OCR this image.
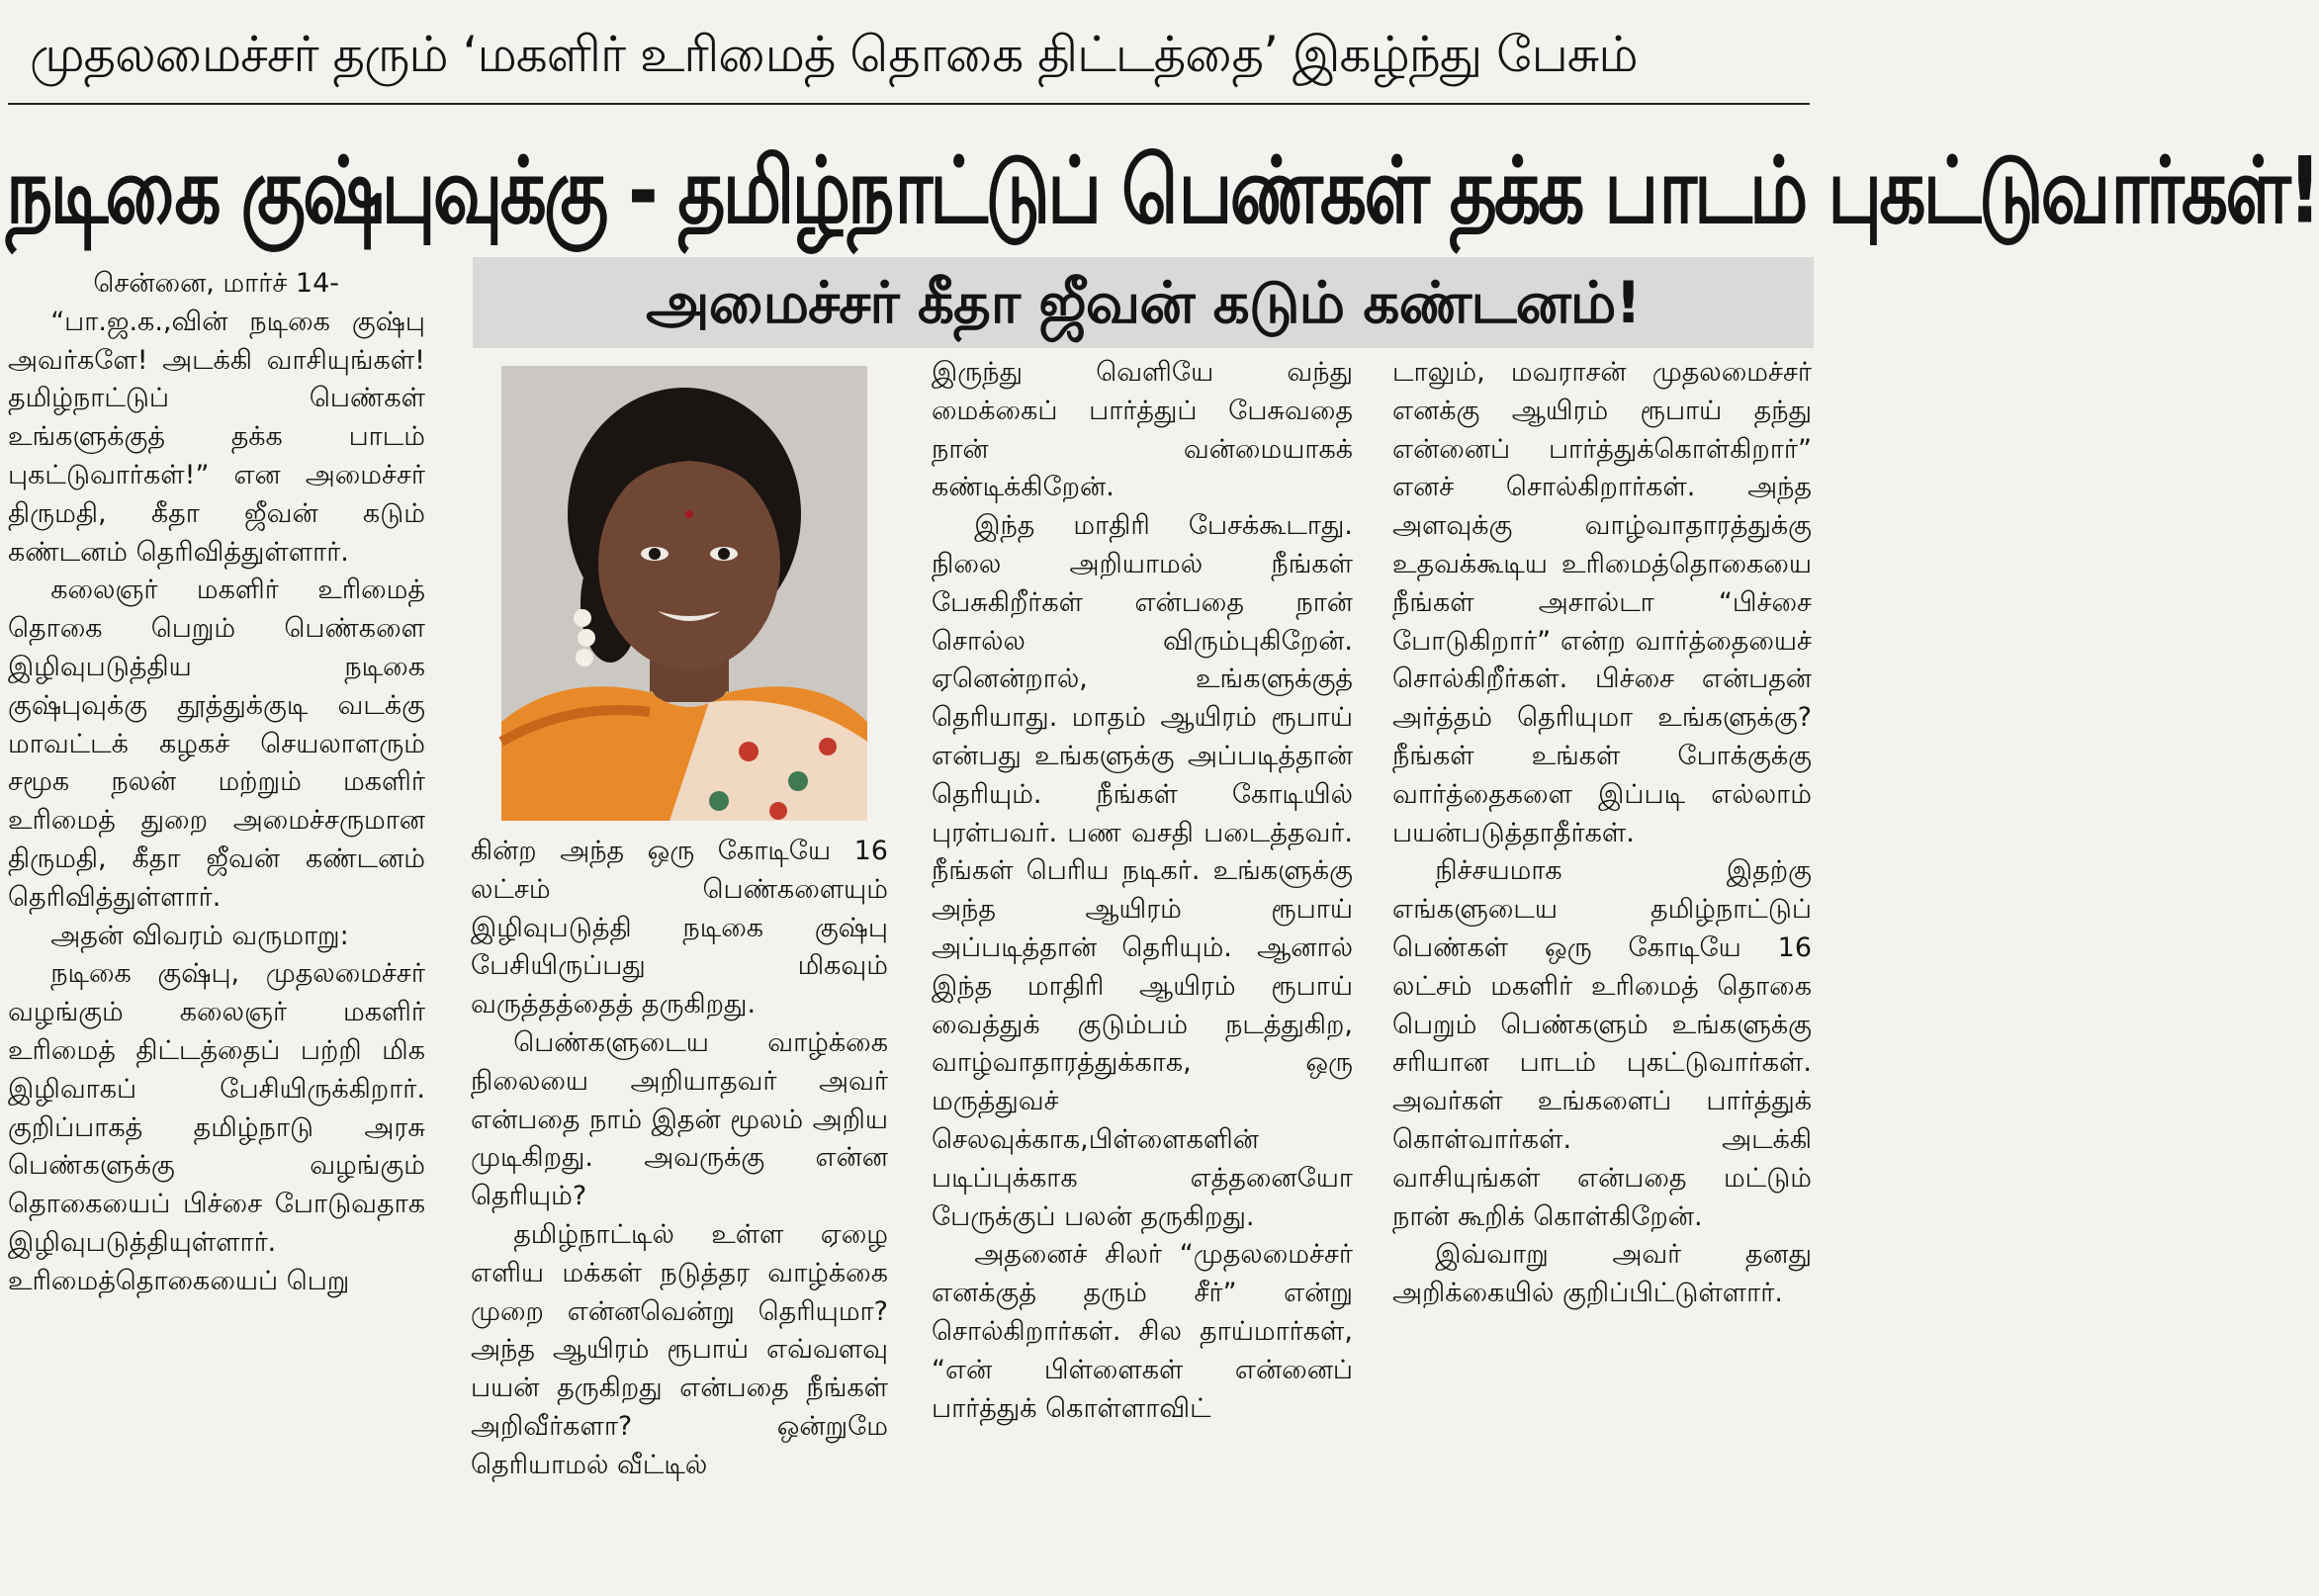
முதலமைச்சர் தரும் ‘மகளிர் உரிமைத் தொகை திட்டத்தை’ இகழ்ந்து பேசும்
நடிகை குஷ்புவுக்கு - தமிழ்நாட்டுப் பெண்கள் தக்க பாடம் புகட்டுவார்கள்!
அமைச்சர் கீதா ஜீவன் கடும் கண்டனம்!

சென்னை, மார்ச் 14-

“பா.ஜ.க.,வின் நடிகை குஷ்பு அவர்களே! அடக்கி வாசியுங்கள்! தமிழ்நாட்டுப் பெண்கள் உங்களுக்குத் தக்க பாடம் புகட்டுவார்கள்!” என அமைச்சர் திருமதி, கீதா ஜீவன் கடும் கண்டனம் தெரிவித்துள்ளார்.

கலைஞர் மகளிர் உரிமைத் தொகை பெறும் பெண்களை இழிவுபடுத்திய நடிகை குஷ்புவுக்கு தூத்துக்குடி வடக்கு மாவட்டக் கழகச் செயலாளரும் சமூக நலன் மற்றும் மகளிர் உரிமைத் துறை அமைச்சருமான திருமதி, கீதா ஜீவன் கண்டனம் தெரிவித்துள்ளார்.

அதன் விவரம் வருமாறு:

நடிகை குஷ்பு, முதலமைச்சர் வழங்கும் கலைஞர் மகளிர் உரிமைத் திட்டத்தைப் பற்றி மிக இழிவாகப் பேசியிருக்கிறார். குறிப்பாகத் தமிழ்நாடு அரசு பெண்களுக்கு வழங்கும் தொகையைப் பிச்சை போடுவதாக இழிவுபடுத்தியுள்ளார். உரிமைத்தொகையைப் பெறு

கின்ற அந்த ஒரு கோடியே 16 லட்சம் பெண்களையும் இழிவுபடுத்தி நடிகை குஷ்பு பேசியிருப்பது மிகவும் வருத்தத்தைத் தருகிறது.

பெண்களுடைய வாழ்க்கை நிலையை அறியாதவர் அவர் என்பதை நாம் இதன் மூலம் அறிய முடிகிறது. அவருக்கு என்ன தெரியும்?

தமிழ்நாட்டில் உள்ள ஏழை எளிய மக்கள் நடுத்தர வாழ்க்கை முறை என்னவென்று தெரியுமா? அந்த ஆயிரம் ரூபாய் எவ்வளவு பயன் தருகிறது என்பதை நீங்கள் அறிவீர்களா? ஒன்றுமே தெரியாமல் வீட்டில்

இருந்து வெளியே வந்து மைக்கைப் பார்த்துப் பேசுவதை நான் வன்மையாகக் கண்டிக்கிறேன்.

இந்த மாதிரி பேசக்கூடாது. நிலை அறியாமல் நீங்கள் பேசுகிறீர்கள் என்பதை நான் சொல்ல விரும்புகிறேன். ஏனென்றால், உங்களுக்குத் தெரியாது. மாதம் ஆயிரம் ரூபாய் என்பது உங்களுக்கு அப்படித்தான் தெரியும். நீங்கள் கோடியில் புரள்பவர். பண வசதி படைத்தவர். நீங்கள் பெரிய நடிகர். உங்களுக்கு அந்த ஆயிரம் ரூபாய் அப்படித்தான் தெரியும். ஆனால் இந்த மாதிரி ஆயிரம் ரூபாய் வைத்துக் குடும்பம் நடத்துகிற, வாழ்வாதாரத்துக்காக, ஒரு மருத்துவச் செலவுக்காக,பிள்ளைகளின் படிப்புக்காக எத்தனையோ பேருக்குப் பலன் தருகிறது.

அதனைச் சிலர் “முதலமைச்சர் எனக்குத் தரும் சீர்” என்று சொல்கிறார்கள். சில தாய்மார்கள், “என் பிள்ளைகள் என்னைப் பார்த்துக் கொள்ளாவிட்

டாலும், மவராசன் முதலமைச்சர் எனக்கு ஆயிரம் ரூபாய் தந்து என்னைப் பார்த்துக்கொள்கிறார்” எனச் சொல்கிறார்கள். அந்த அளவுக்கு வாழ்வாதாரத்துக்கு உதவக்கூடிய உரிமைத்தொகையை நீங்கள் அசால்டா “பிச்சை போடுகிறார்” என்ற வார்த்தையைச் சொல்கிறீர்கள். பிச்சை என்பதன் அர்த்தம் தெரியுமா உங்களுக்கு? நீங்கள் உங்கள் போக்குக்கு வார்த்தைகளை இப்படி எல்லாம் பயன்படுத்தாதீர்கள்.

நிச்சயமாக இதற்கு எங்களுடைய தமிழ்நாட்டுப் பெண்கள் ஒரு கோடியே 16 லட்சம் மகளிர் உரிமைத் தொகை பெறும் பெண்களும் உங்களுக்கு சரியான பாடம் புகட்டுவார்கள். அவர்கள் உங்களைப் பார்த்துக் கொள்வார்கள். அடக்கி வாசியுங்கள் என்பதை மட்டும் நான் கூறிக் கொள்கிறேன்.

இவ்வாறு அவர் தனது அறிக்கையில் குறிப்பிட்டுள்ளார்.
